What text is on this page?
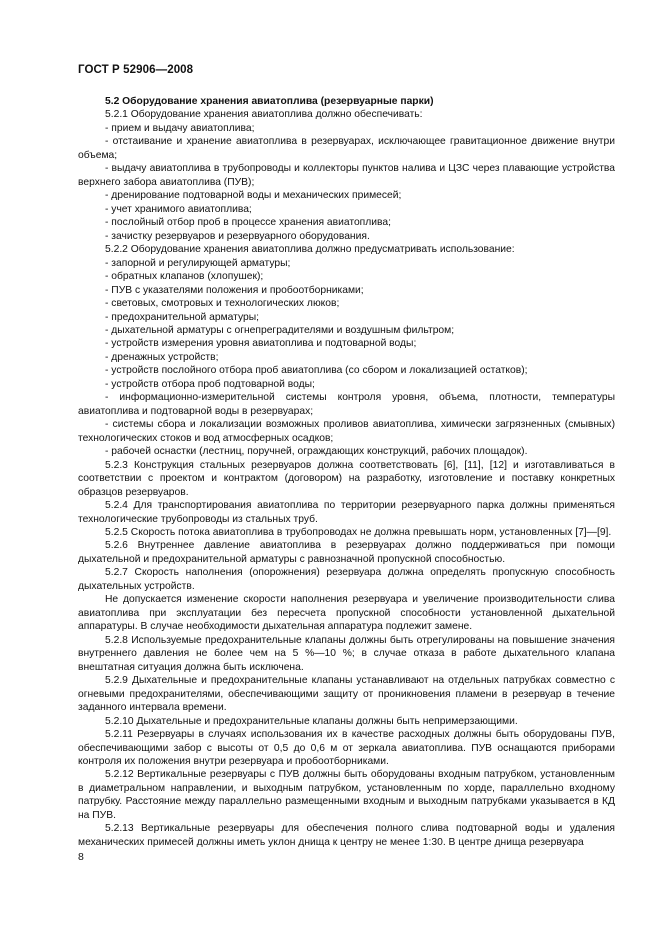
ГОСТ Р 52906—2008

5.2 Оборудование хранения авиатоплива (резервуарные парки)

5.2.1 Оборудование хранения авиатоплива должно обеспечивать:

- прием и выдачу авиатоплива;

- отстаивание и хранение авиатоплива в резервуарах, исключающее гравитационное движение внутри объема;

- выдачу авиатоплива в трубопроводы и коллекторы пунктов налива и ЦЗС через плавающие устройства верхнего забора авиатоплива (ПУВ);

- дренирование подтоварной воды и механических примесей;

- учет хранимого авиатоплива;

- послойный отбор проб в процессе хранения авиатоплива;

- зачистку резервуаров и резервуарного оборудования.

5.2.2 Оборудование хранения авиатоплива должно предусматривать использование:

- запорной и регулирующей арматуры;

- обратных клапанов (хлопушек);

- ПУВ с указателями положения и пробоотборниками;

- световых, смотровых и технологических люков;

- предохранительной арматуры;

- дыхательной арматуры с огнепреградителями и воздушным фильтром;

- устройств измерения уровня авиатоплива и подтоварной воды;

- дренажных устройств;

- устройств послойного отбора проб авиатоплива (со сбором и локализацией остатков);

- устройств отбора проб подтоварной воды;

- информационно-измерительной системы контроля уровня, объема, плотности, температуры авиатоплива и подтоварной воды в резервуарах;

- системы сбора и локализации возможных проливов авиатоплива, химически загрязненных (смывных) технологических стоков и вод атмосферных осадков;

- рабочей оснастки (лестниц, поручней, ограждающих конструкций, рабочих площадок).

5.2.3 Конструкция стальных резервуаров должна соответствовать [6], [11], [12] и изготавливаться в соответствии с проектом и контрактом (договором) на разработку, изготовление и поставку конкретных образцов резервуаров.

5.2.4 Для транспортирования авиатоплива по территории резервуарного парка должны применяться технологические трубопроводы из стальных труб.

5.2.5 Скорость потока авиатоплива в трубопроводах не должна превышать норм, установленных [7]—[9].

5.2.6 Внутреннее давление авиатоплива в резервуарах должно поддерживаться при помощи дыхательной и предохранительной арматуры с равнозначной пропускной способностью.

5.2.7 Скорость наполнения (опорожнения) резервуара должна определять пропускную способность дыхательных устройств.

Не допускается изменение скорости наполнения резервуара и увеличение производительности слива авиатоплива при эксплуатации без пересчета пропускной способности установленной дыхательной аппаратуры. В случае необходимости дыхательная аппаратура подлежит замене.

5.2.8 Используемые предохранительные клапаны должны быть отрегулированы на повышение значения внутреннего давления не более чем на 5 %—10 %; в случае отказа в работе дыхательного клапана внештатная ситуация должна быть исключена.

5.2.9 Дыхательные и предохранительные клапаны устанавливают на отдельных патрубках совместно с огневыми предохранителями, обеспечивающими защиту от проникновения пламени в резервуар в течение заданного интервала времени.

5.2.10 Дыхательные и предохранительные клапаны должны быть непримерзающими.

5.2.11 Резервуары в случаях использования их в качестве расходных должны быть оборудованы ПУВ, обеспечивающими забор с высоты от 0,5 до 0,6 м от зеркала авиатоплива. ПУВ оснащаются приборами контроля их положения внутри резервуара и пробоотборниками.

5.2.12 Вертикальные резервуары с ПУВ должны быть оборудованы входным патрубком, установленным в диаметральном направлении, и выходным патрубком, установленным по хорде, параллельно входному патрубку. Расстояние между параллельно размещенными входным и выходным патрубками указывается в КД на ПУВ.

5.2.13 Вертикальные резервуары для обеспечения полного слива подтоварной воды и удаления механических примесей должны иметь уклон днища к центру не менее 1:30. В центре днища резервуара

8
